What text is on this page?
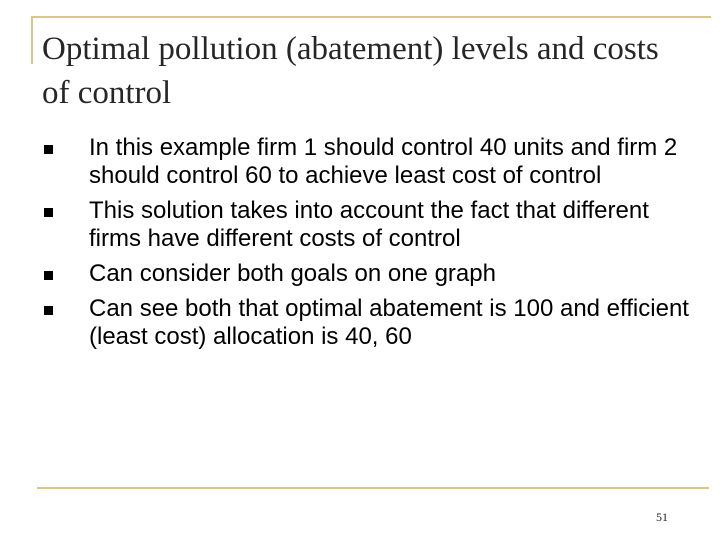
Optimal pollution (abatement) levels and costs of control
In this example firm 1 should control 40 units and firm 2 should control 60 to achieve least cost of control
This solution takes into account the fact that different firms have different costs of control
Can consider both goals on one graph
Can see both that optimal abatement is 100 and efficient (least cost) allocation is 40, 60
51
